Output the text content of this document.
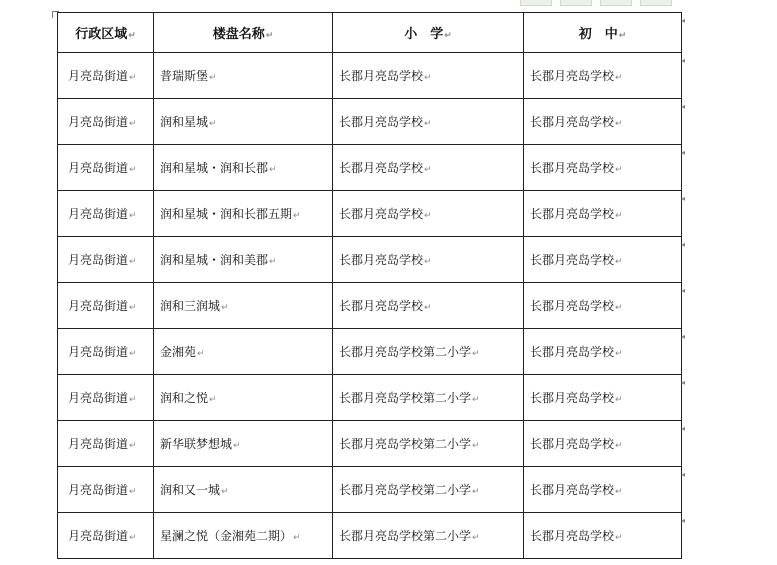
行政区域↵	楼盘名称↵	小　学↵	初　中↵
月亮岛街道↵	普瑞斯堡↵	长郡月亮岛学校↵	长郡月亮岛学校↵
月亮岛街道↵	润和星城↵	长郡月亮岛学校↵	长郡月亮岛学校↵
月亮岛街道↵	润和星城・润和长郡↵	长郡月亮岛学校↵	长郡月亮岛学校↵
月亮岛街道↵	润和星城・润和长郡五期↵	长郡月亮岛学校↵	长郡月亮岛学校↵
月亮岛街道↵	润和星城・润和美郡↵	长郡月亮岛学校↵	长郡月亮岛学校↵
月亮岛街道↵	润和三润城↵	长郡月亮岛学校↵	长郡月亮岛学校↵
月亮岛街道↵	金湘苑↵	长郡月亮岛学校第二小学↵	长郡月亮岛学校↵
月亮岛街道↵	润和之悦↵	长郡月亮岛学校第二小学↵	长郡月亮岛学校↵
月亮岛街道↵	新华联梦想城↵	长郡月亮岛学校第二小学↵	长郡月亮岛学校↵
月亮岛街道↵	润和又一城↵	长郡月亮岛学校第二小学↵	长郡月亮岛学校↵
月亮岛街道↵	星澜之悦（金湘苑二期）↵	长郡月亮岛学校第二小学↵	长郡月亮岛学校↵
◂
◂
◂
◂
◂
◂
◂
◂
◂
◂
◂
◂
